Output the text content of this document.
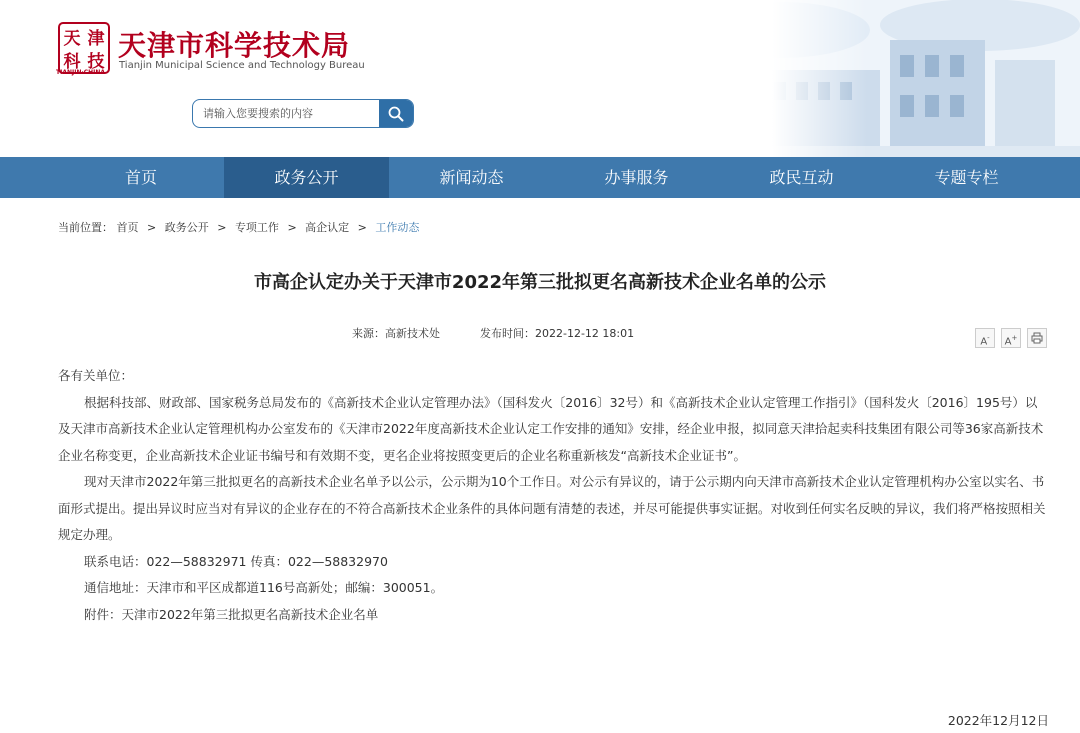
天 津
科 技
TIANJIN·CHINA
天津市科学技术局
Tianjin Municipal Science and Technology Bureau
请输入您要搜索的内容
首页	政务公开	新闻动态	办事服务	政民互动	专题专栏
当前位置： 首页 > 政务公开 > 专项工作 > 高企认定 > 工作动态
市高企认定办关于天津市2022年第三批拟更名高新技术企业名单的公示
来源：高新技术处	发布时间：2022-12-12 18:01
A-	A+

各有关单位：

根据科技部、财政部、国家税务总局发布的《高新技术企业认定管理办法》（国科发火〔2016〕32号）和《高新技术企业认定管理工作指引》（国科发火〔2016〕195号）以及天津市高新技术企业认定管理机构办公室发布的《天津市2022年度高新技术企业认定工作安排的通知》安排，经企业申报，拟同意天津拾起卖科技集团有限公司等36家高新技术企业名称变更，企业高新技术企业证书编号和有效期不变，更名企业将按照变更后的企业名称重新核发“高新技术企业证书”。

现对天津市2022年第三批拟更名的高新技术企业名单予以公示，公示期为10个工作日。对公示有异议的，请于公示期内向天津市高新技术企业认定管理机构办公室以实名、书面形式提出。提出异议时应当对有异议的企业存在的不符合高新技术企业条件的具体问题有清楚的表述，并尽可能提供事实证据。对收到任何实名反映的异议，我们将严格按照相关规定办理。

联系电话：022—58832971 传真：022—58832970

通信地址：天津市和平区成都道116号高新处；邮编：300051。

附件：天津市2022年第三批拟更名高新技术企业名单

2022年12月12日
